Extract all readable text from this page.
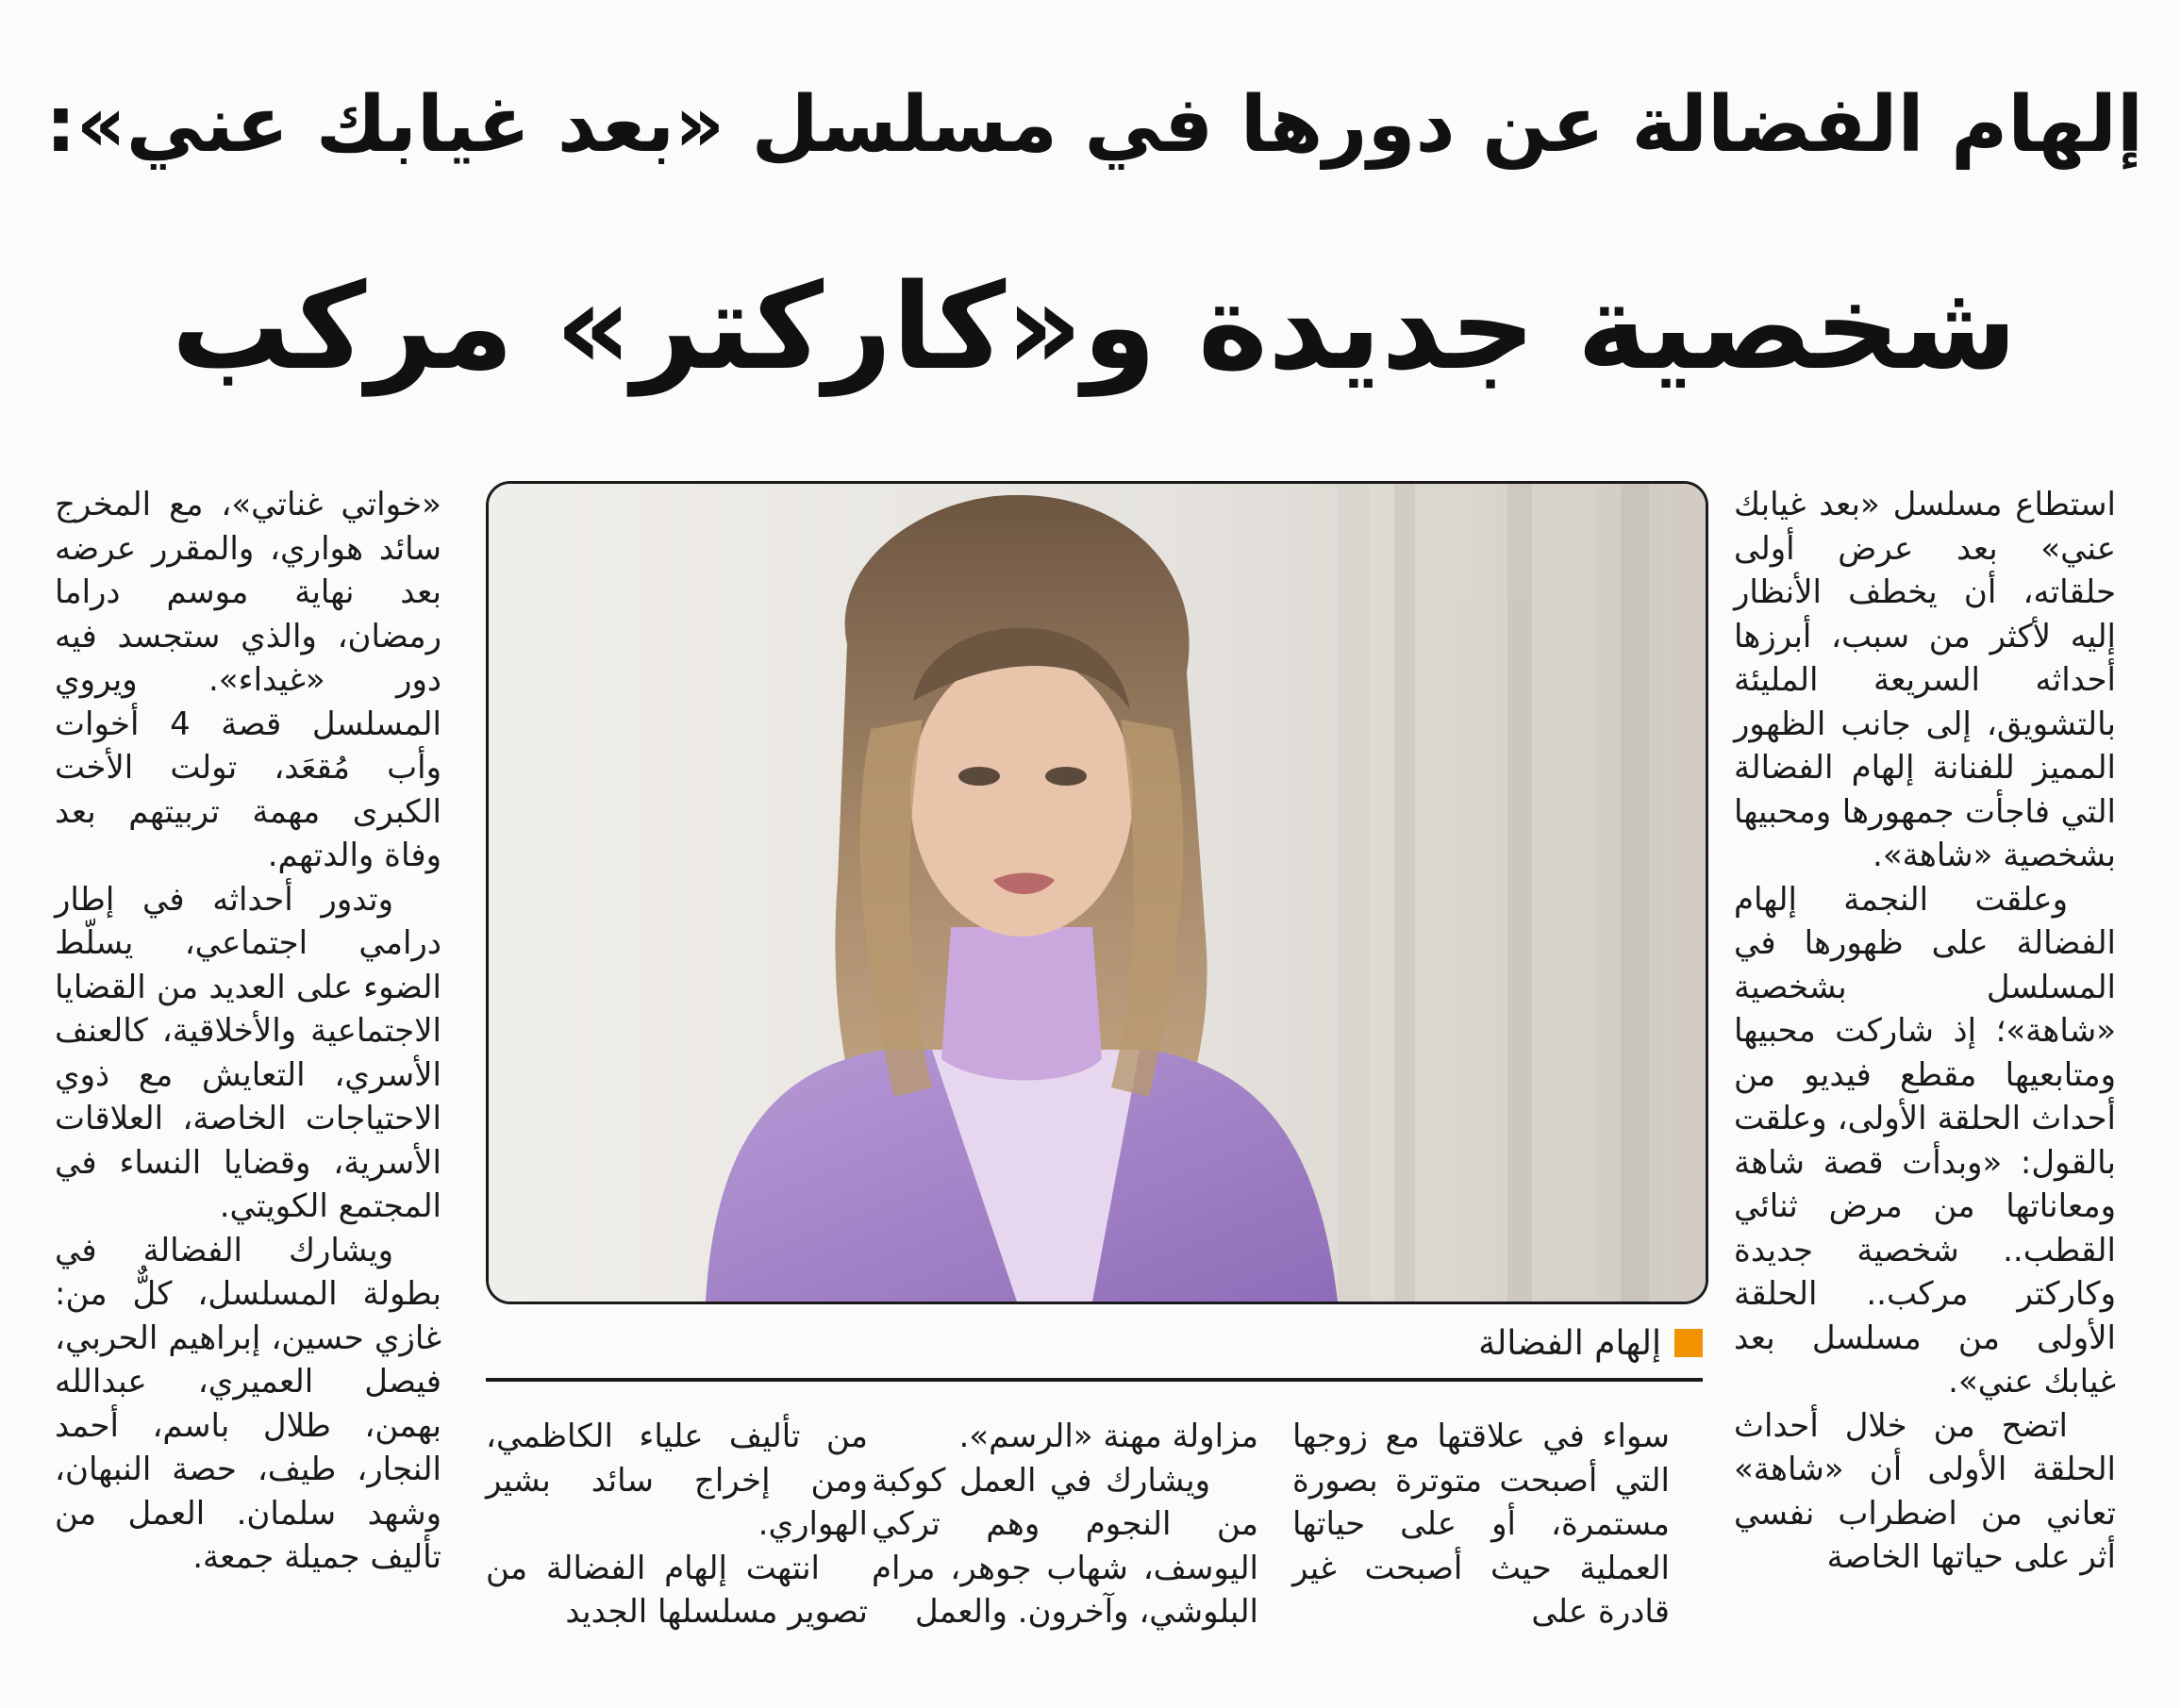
إلهام الفضالة عن دورها في مسلسل «بعد غيابك عني»:
شخصية جديدة و«كاركتر» مركب

استطاع مسلسل «بعد غيابك عني» بعد عرض أولى حلقاته، أن يخطف الأنظار إليه لأكثر من سبب، أبرزها أحداثه السريعة المليئة بالتشويق، إلى جانب الظهور المميز للفنانة إلهام الفضالة التي فاجأت جمهورها ومحبيها بشخصية «شاهة».

وعلقت النجمة إلهام الفضالة على ظهورها في المسلسل بشخصية «شاهة»؛ إذ شاركت محبيها ومتابعيها مقطع فيديو من أحداث الحلقة الأولى، وعلقت بالقول: «وبدأت قصة شاهة ومعاناتها من مرض ثنائي القطب.. شخصية جديدة وكاركتر مركب.. الحلقة الأولى من مسلسل بعد غيابك عني».

اتضح من خلال أحداث الحلقة الأولى أن «شاهة» تعاني من اضطراب نفسي أثر على حياتها الخاصة

إلهام الفضالة

سواء في علاقتها مع زوجها التي أصبحت متوترة بصورة مستمرة، أو على حياتها العملية حيث أصبحت غير قادرة على

مزاولة مهنة «الرسم».

ويشارك في العمل كوكبة من النجوم وهم تركي اليوسف، شهاب جوهر، مرام البلوشي، وآخرون. والعمل

من تأليف علياء الكاظمي، ومن إخراج سائد بشير الهواري.

انتهت إلهام الفضالة من تصوير مسلسلها الجديد

«خواتي غناتي»، مع المخرج سائد هواري، والمقرر عرضه بعد نهاية موسم دراما رمضان، والذي ستجسد فيه دور «غيداء». ويروي المسلسل قصة 4 أخوات وأب مُقعَد، تولت الأخت الكبرى مهمة تربيتهم بعد وفاة والدتهم.

وتدور أحداثه في إطار درامي اجتماعي، يسلّط الضوء على العديد من القضايا الاجتماعية والأخلاقية، كالعنف الأسري، التعايش مع ذوي الاحتياجات الخاصة، العلاقات الأسرية، وقضايا النساء في المجتمع الكويتي.

ويشارك الفضالة في بطولة المسلسل، كلٌّ من: غازي حسين، إبراهيم الحربي، فيصل العميري، عبدالله بهمن، طلال باسم، أحمد النجار، طيف، حصة النبهان، وشهد سلمان. العمل من تأليف جميلة جمعة.
